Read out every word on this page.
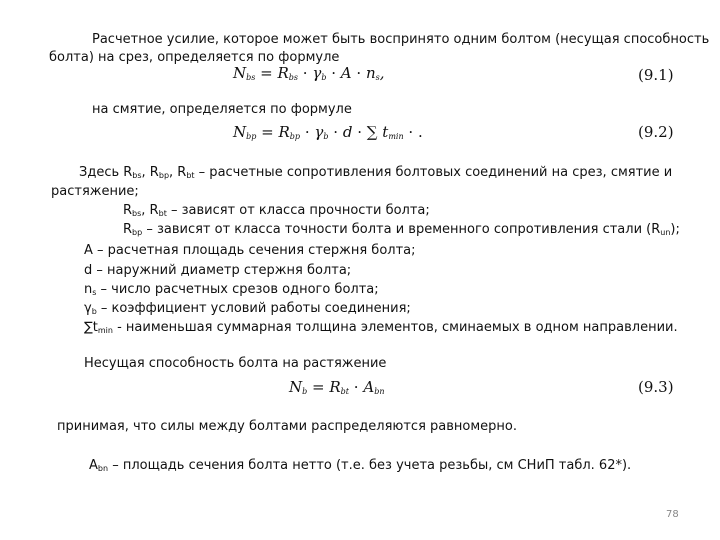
Расчетное усилие, которое может быть воспринято одним болтом (несущая способность
болта) на срез, определяется по формуле
$N_{bs} = R_{bs} \cdot \gamma_b \cdot A \cdot n_s$,	(9.1)
на смятие, определяется по формуле
$N_{bp} = R_{bp} \cdot \gamma_b \cdot d$ · ∑ $t_{min}$ · .	(9.2)
Здесь $R_{bs}$, $R_{bp}$, $R_{bt}$ – расчетные сопротивления болтовых соединений на срез, смятие и
растяжение;
$R_{bs}$, $R_{bt}$ – зависят от класса прочности болта;
$R_{bp}$ – зависят от класса точности болта и временного сопротивления стали $(R_{un})$;
A – расчетная площадь сечения стержня болта;
d – наружний диаметр стержня болта;
$n_s$ – число расчетных срезов одного болта;
$\gamma_b$ – коэффициент условий работы соединения;
$\sum t_{min}$ - наименьшая суммарная толщина элементов, сминаемых в одном направлении.
Несущая способность болта на растяжение
$N_b = R_{bt} \cdot A_{bn}$	(9.3)
принимая, что силы между болтами распределяются равномерно.
$A_{bn}$ – площадь сечения болта нетто (т.е. без учета резьбы, см СНиП табл. 62*).
78
